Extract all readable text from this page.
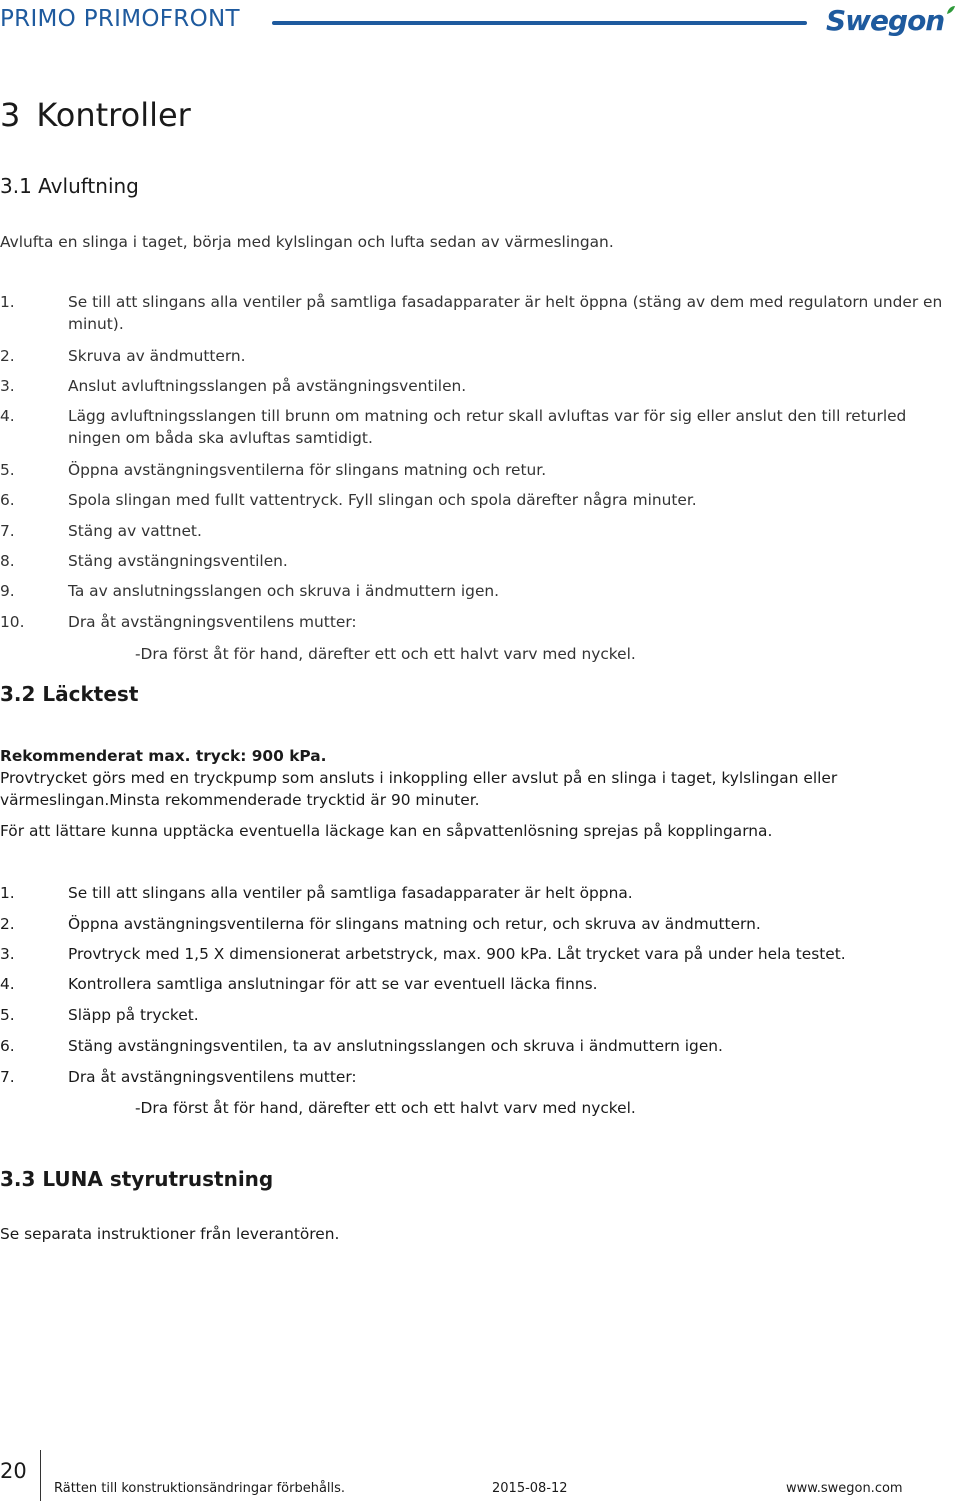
PRIMO PRIMOFRONT	Swegon
3 Kontroller
3.1 Avluftning
Avlufta en slinga i taget, börja med kylslingan och lufta sedan av värmeslingan.
1.	Se till att slingans alla ventiler på samtliga fasadapparater är helt öppna (stäng av dem med regulatorn under en minut).
2.	Skruva av ändmuttern.
3.	Anslut avluftningsslangen på avstängningsventilen.
4.	Lägg avluftningsslangen till brunn om matning och retur skall avluftas var för sig eller anslut den till returled ningen om båda ska avluftas samtidigt.
5.	Öppna avstängningsventilerna för slingans matning och retur.
6.	Spola slingan med fullt vattentryck. Fyll slingan och spola därefter några minuter.
7.	Stäng av vattnet.
8.	Stäng avstängningsventilen.
9.	Ta av anslutningsslangen och skruva i ändmuttern igen.
10.	Dra åt avstängningsventilens mutter:
-Dra först åt för hand, därefter ett och ett halvt varv med nyckel.
3.2 Läcktest
Rekommenderat max. tryck: 900 kPa.
Provtrycket görs med en tryckpump som ansluts i inkoppling eller avslut på en slinga i taget, kylslingan eller värmeslingan.Minsta rekommenderade trycktid är 90 minuter.
För att lättare kunna upptäcka eventuella läckage kan en såpvattenlösning sprejas på kopplingarna.
1.	Se till att slingans alla ventiler på samtliga fasadapparater är helt öppna.
2.	Öppna avstängningsventilerna för slingans matning och retur, och skruva av ändmuttern.
3.	Provtryck med 1,5 X dimensionerat arbetstryck, max. 900 kPa. Låt trycket vara på under hela testet.
4.	Kontrollera samtliga anslutningar för att se var eventuell läcka finns.
5.	Släpp på trycket.
6.	Stäng avstängningsventilen, ta av anslutningsslangen och skruva i ändmuttern igen.
7.	Dra åt avstängningsventilens mutter:
-Dra först åt för hand, därefter ett och ett halvt varv med nyckel.
3.3 LUNA styrutrustning
Se separata instruktioner från leverantören.
20
Rätten till konstruktionsändringar förbehålls.	2015-08-12	www.swegon.com
